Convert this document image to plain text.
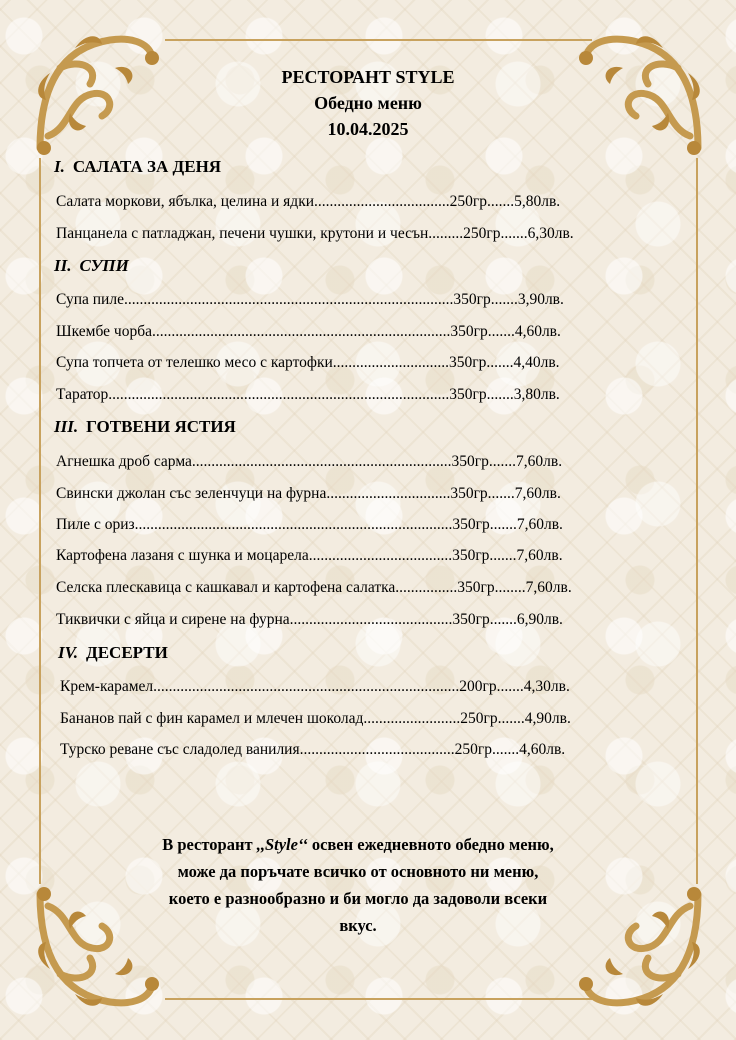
РЕСТОРАНТ STYLE
Обедно меню
10.04.2025
I. САЛАТА ЗА ДЕНЯ
Салата моркови, ябълка, целина и ядки...................................250гр.......5,80лв.
Панцанела с патладжан, печени чушки, крутони и чесън.........250гр.......6,30лв.
II. СУПИ
Супа пиле.....................................................................................350гр.......3,90лв.
Шкембе чорба.............................................................................350гр.......4,60лв.
Супа топчета от телешко месо с картофки..............................350гр.......4,40лв.
Таратор........................................................................................350гр.......3,80лв.
III. ГОТВЕНИ ЯСТИЯ
Агнешка дроб сарма...................................................................350гр.......7,60лв.
Свински джолан със зеленчуци на фурна................................350гр.......7,60лв.
Пиле с ориз..................................................................................350гр.......7,60лв.
Картофена лазаня с шунка и моцарела.....................................350гр.......7,60лв.
Селска плескавица с кашкавал и картофена салатка................350гр........7,60лв.
Тиквички с яйца и сирене на фурна..........................................350гр.......6,90лв.
IV. ДЕСЕРТИ
Крем-карамел...............................................................................200гр.......4,30лв.
Бананов пай с фин карамел и млечен шоколад.........................250гр.......4,90лв.
Турско реване със сладолед ванилия........................................250гр.......4,60лв.
В ресторант ,,Style‘‘ освен ежедневното обедно меню,
може да поръчате всичко от основното ни меню,
което е разнообразно и би могло да задоволи всеки
вкус.
